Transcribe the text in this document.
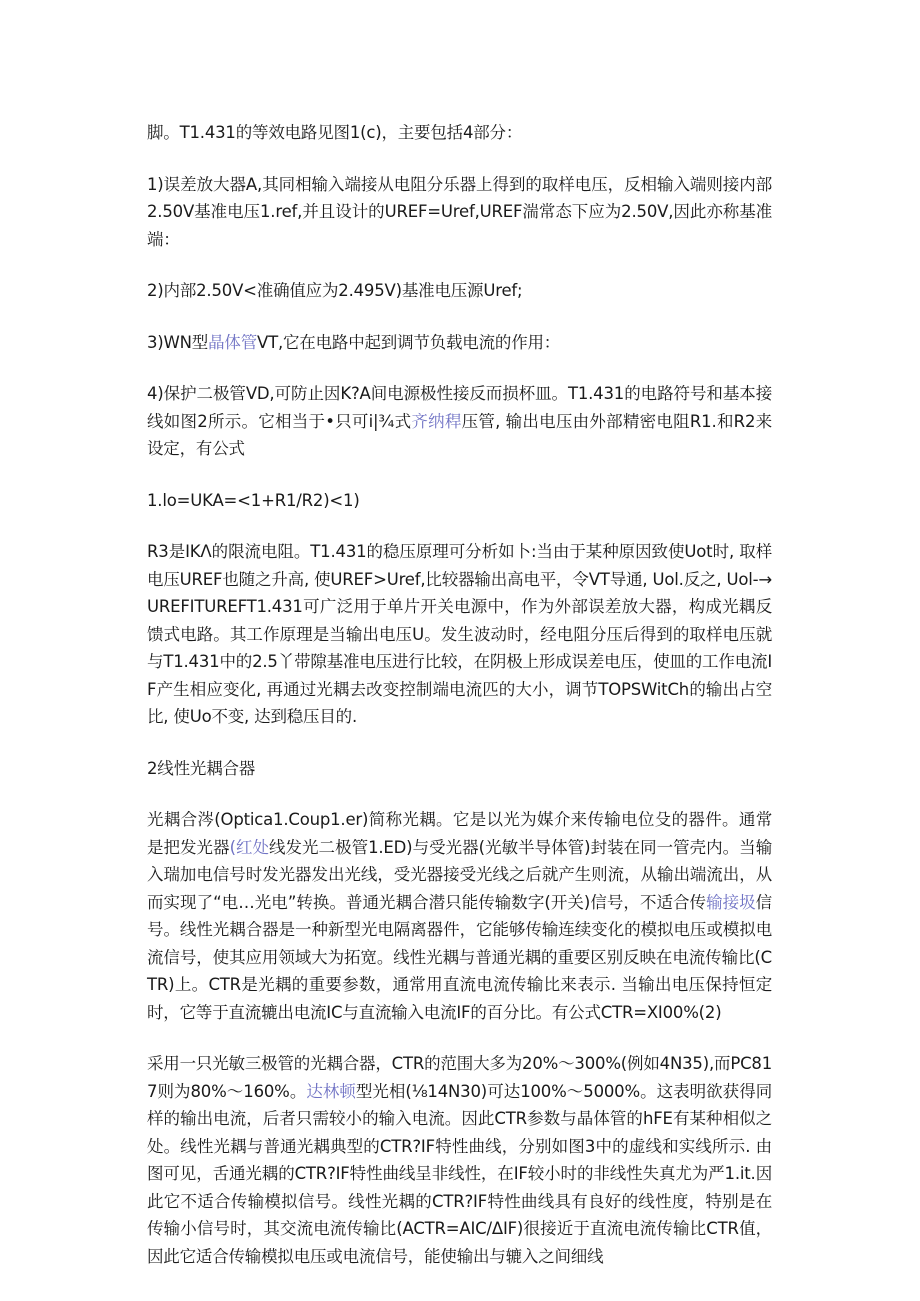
脚。T1.431的等效电路见图1(c)，主要包括4部分：

1)误差放大器A,其同相输入端接从电阻分乐器上得到的取样电压，反相输入端则接内部2.50V基准电压1.ref,并且设计的UREF=Uref,UREF湍常态下应为2.50V,因此亦称基准端：

2)内部2.50V<准确值应为2.495V)基准电压源Uref;

3)WN型晶体管VT,它在电路中起到调节负载电流的作用：

4)保护二极管VD,可防止因K?A间电源极性接反而损杯皿。T1.431的电路符号和基本接线如图2所示。它相当于•只可i|¾式齐纳稈压管, 输出电压由外部精密电阻R1.和R2来设定，有公式

1.lo=UKA=<1+R1/R2)<1)

R3是IKΛ的限流电阻。T1.431的稳压原理可分析如卜:当由于某种原因致使Uot时, 取样电压UREF也随之升高, 使UREF>Uref,比较器输出高电平，令VT导通, Uol.反之, Uol-→UREFITUREFT1.431可广泛用于单片开关电源中，作为外部误差放大器，构成光耦反馈式电路。其工作原理是当输出电压U。发生波动时，经电阻分压后得到的取样电压就与T1.431中的2.5丫带隙基准电压进行比较，在阴极上形成误差电压，使皿的工作电流IF产生相应变化, 再通过光耦去改变控制端电流匹的大小，调节TOPSWitCh的输出占空比, 使Uo不变, 达到稳压目的.

2线性光耦合器

光耦合涔(Optica1.Coup1.er)简称光耦。它是以光为媒介来传输电位殳的器件。通常是把发光器(红处线发光二极管1.ED)与受光器(光敏半导体管)封装在同一管壳内。当输入瑞加电信号时发光器发出光线，受光器接受光线之后就产生则流，从输出端流出，从而实现了“电…光电”转换。普通光耦合潜只能传输数字(开关)信号，不适合传输接圾信号。线性光耦合器是一种新型光电隔离器件，它能够传输连续变化的模拟电压或模拟电流信号，使其应用领域大为拓宽。线性光耦与普通光耦的重要区别反映在电流传输比(CTR)上。CTR是光耦的重要参数，通常用直流电流传输比来表示. 当输出电压保持恒定时，它等于直流辘出电流IC与直流输入电流IF的百分比。有公式CTR=XI00%(2)

采用一只光敏三极管的光耦合器，CTR的范围大多为20%〜300%(例如4N35),而PC817则为80%〜160%。达林顿型光相(⅛14N30)可达100%〜5000%。这表明欲获得同样的输出电流，后者只需较小的输入电流。因此CTR参数与晶体管的hFE有某种相似之处。线性光耦与普通光耦典型的CTR?IF特性曲线，分别如图3中的虚线和实线所示. 由图可见，舌通光耦的CTR?IF特性曲线呈非线性，在IF较小时的非线性失真尤为严1.it.因此它不适合传输模拟信号。线性光耦的CTR?IF特性曲线具有良好的线性度，特别是在传输小信号时，其交流电流传输比(ACTR=AIC/ΔIF)很接近于直流电流传输比CTR值，因此它适合传输模拟电压或电流信号，能使输出与辘入之间细线
